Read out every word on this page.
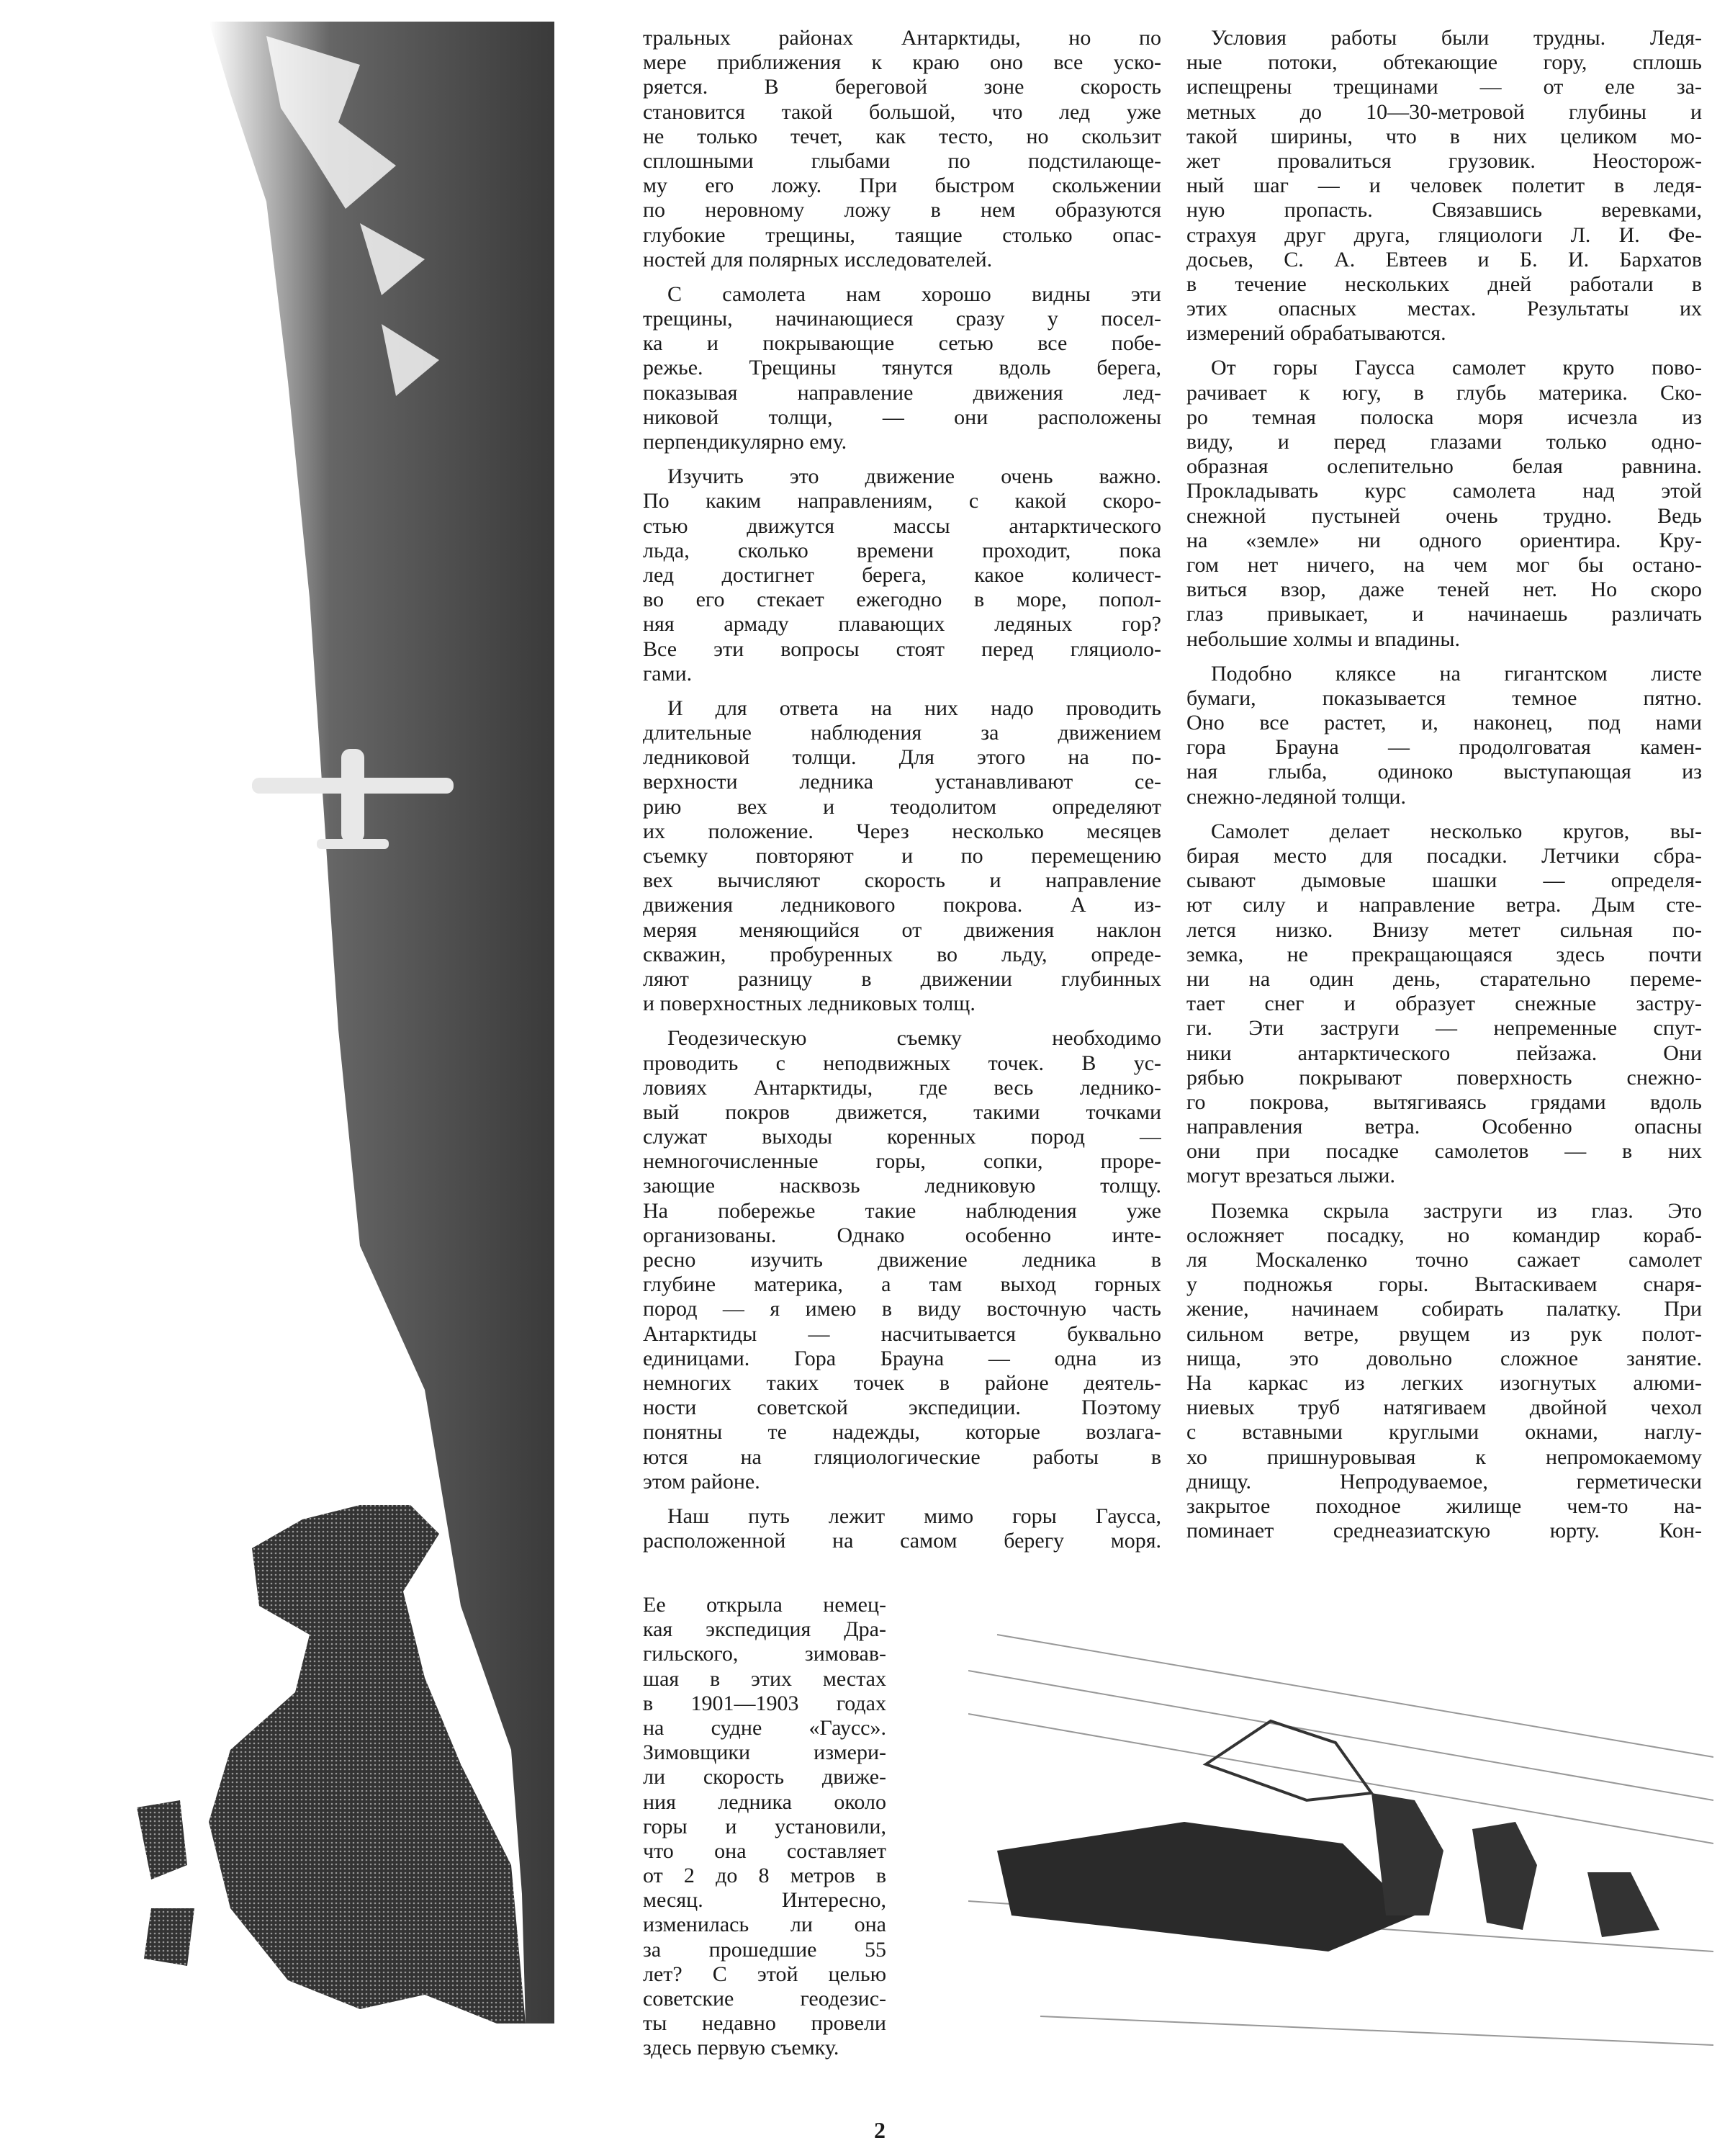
тральных районах Антарктиды, но по
мере приближения к краю оно все уско-
ряется. В береговой зоне скорость
становится такой большой, что лед уже
не только течет, как тесто, но скользит
сплошными глыбами по подстилающе-
му его ложу. При быстром скольжении
по неровному ложу в нем образуются
глубокие трещины, таящие столько опас-
ностей для полярных исследователей.
С самолета нам хорошо видны эти
трещины, начинающиеся сразу у посел-
ка и покрывающие сетью все побе-
режье. Трещины тянутся вдоль берега,
показывая направление движения лед-
никовой толщи, — они расположены
перпендикулярно ему.
Изучить это движение очень важно.
По каким направлениям, с какой скоро-
стью движутся массы антарктического
льда, сколько времени проходит, пока
лед достигнет берега, какое количест-
во его стекает ежегодно в море, попол-
няя армаду плавающих ледяных гор?
Все эти вопросы стоят перед гляциоло-
гами.
И для ответа на них надо проводить
длительные наблюдения за движением
ледниковой толщи. Для этого на по-
верхности ледника устанавливают се-
рию вех и теодолитом определяют
их положение. Через несколько месяцев
съемку повторяют и по перемещению
вех вычисляют скорость и направление
движения ледникового покрова. А из-
меряя меняющийся от движения наклон
скважин, пробуренных во льду, опреде-
ляют разницу в движении глубинных
и поверхностных ледниковых толщ.
Геодезическую съемку необходимо
проводить с неподвижных точек. В ус-
ловиях Антарктиды, где весь леднико-
вый покров движется, такими точками
служат выходы коренных пород —
немногочисленные горы, сопки, проре-
зающие насквозь ледниковую толщу.
На побережье такие наблюдения уже
организованы. Однако особенно инте-
ресно изучить движение ледника в
глубине материка, а там выход горных
пород — я имею в виду восточную часть
Антарктиды — насчитывается буквально
единицами. Гора Брауна — одна из
немногих таких точек в районе деятель-
ности советской экспедиции. Поэтому
понятны те надежды, которые возлага-
ются на гляциологические работы в
этом районе.
Наш путь лежит мимо горы Гаусса,
расположенной на самом берегу моря.
Ее открыла немец-
кая экспедиция Дра-
гильского, зимовав-
шая в этих местах
в 1901—1903 годах
на судне «Гаусс».
Зимовщики измери-
ли скорость движе-
ния ледника около
горы и установили,
что она составляет
от 2 до 8 метров в
месяц. Интересно,
изменилась ли она
за прошедшие 55
лет? С этой целью
советские геодезис-
ты недавно провели
здесь первую съемку.
Условия работы были трудны. Ледя-
ные потоки, обтекающие гору, сплошь
испещрены трещинами — от еле за-
метных до 10—30-метровой глубины и
такой ширины, что в них целиком мо-
жет провалиться грузовик. Неосторож-
ный шаг — и человек полетит в ледя-
ную пропасть. Связавшись веревками,
страхуя друг друга, гляциологи Л. И. Фе-
досьев, С. А. Евтеев и Б. И. Бархатов
в течение нескольких дней работали в
этих опасных местах. Результаты их
измерений обрабатываются.
От горы Гаусса самолет круто пово-
рачивает к югу, в глубь материка. Ско-
ро темная полоска моря исчезла из
виду, и перед глазами только одно-
образная ослепительно белая равнина.
Прокладывать курс самолета над этой
снежной пустыней очень трудно. Ведь
на «земле» ни одного ориентира. Кру-
гом нет ничего, на чем мог бы остано-
виться взор, даже теней нет. Но скоро
глаз привыкает, и начинаешь различать
небольшие холмы и впадины.
Подобно кляксе на гигантском листе
бумаги, показывается темное пятно.
Оно все растет, и, наконец, под нами
гора Брауна — продолговатая камен-
ная глыба, одиноко выступающая из
снежно-ледяной толщи.
Самолет делает несколько кругов, вы-
бирая место для посадки. Летчики сбра-
сывают дымовые шашки — определя-
ют силу и направление ветра. Дым сте-
лется низко. Внизу метет сильная по-
земка, не прекращающаяся здесь почти
ни на один день, старательно переме-
тает снег и образует снежные застру-
ги. Эти заструги — непременные спут-
ники антарктического пейзажа. Они
рябью покрывают поверхность снежно-
го покрова, вытягиваясь грядами вдоль
направления ветра. Особенно опасны
они при посадке самолетов — в них
могут врезаться лыжи.
Поземка скрыла заструги из глаз. Это
осложняет посадку, но командир кораб-
ля Москаленко точно сажает самолет
у подножья горы. Вытаскиваем снаря-
жение, начинаем собирать палатку. При
сильном ветре, рвущем из рук полот-
нища, это довольно сложное занятие.
На каркас из легких изогнутых алюми-
ниевых труб натягиваем двойной чехол
с вставными круглыми окнами, наглу-
хо пришнуровывая к непромокаемому
днищу. Непродуваемое, герметически
закрытое походное жилище чем-то на-
поминает среднеазиатскую юрту. Кон-
2
